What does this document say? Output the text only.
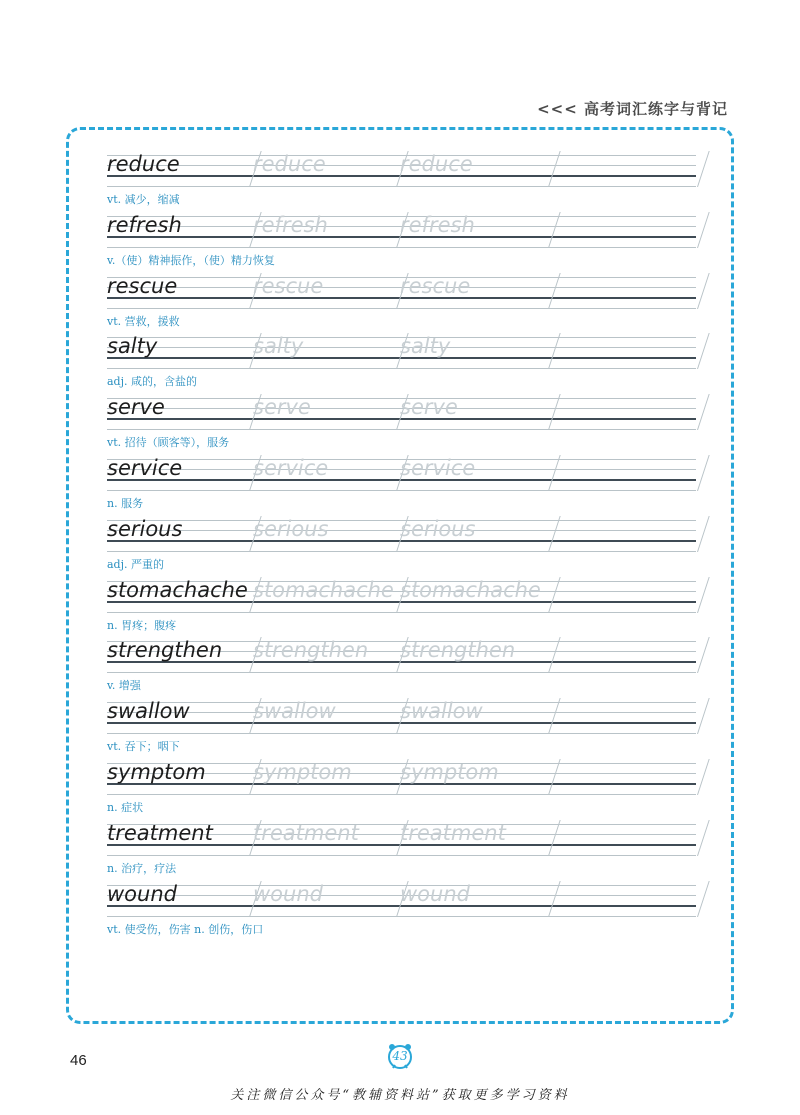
<<< 高考词汇练字与背记
reduce	reduce	reduce
vt. 减少，缩减
refresh	refresh	refresh
v.（使）精神振作，（使）精力恢复
rescue	rescue	rescue
vt. 营救，援救
salty	salty	salty
adj. 咸的，含盐的
serve	serve	serve
vt. 招待（顾客等），服务
service	service	service
n. 服务
serious	serious	serious
adj. 严重的
stomachache stomachache stomachache
n. 胃疼；腹疼
strengthen strengthen strengthen
v. 增强
swallow	swallow	swallow
vt. 吞下；咽下
symptom symptom symptom
n. 症状
treatment treatment treatment
n. 治疗，疗法
wound	wound	wound
vt. 使受伤，伤害 n. 创伤，伤口
46	43
关注微信公众号“教辅资料站”获取更多学习资料
